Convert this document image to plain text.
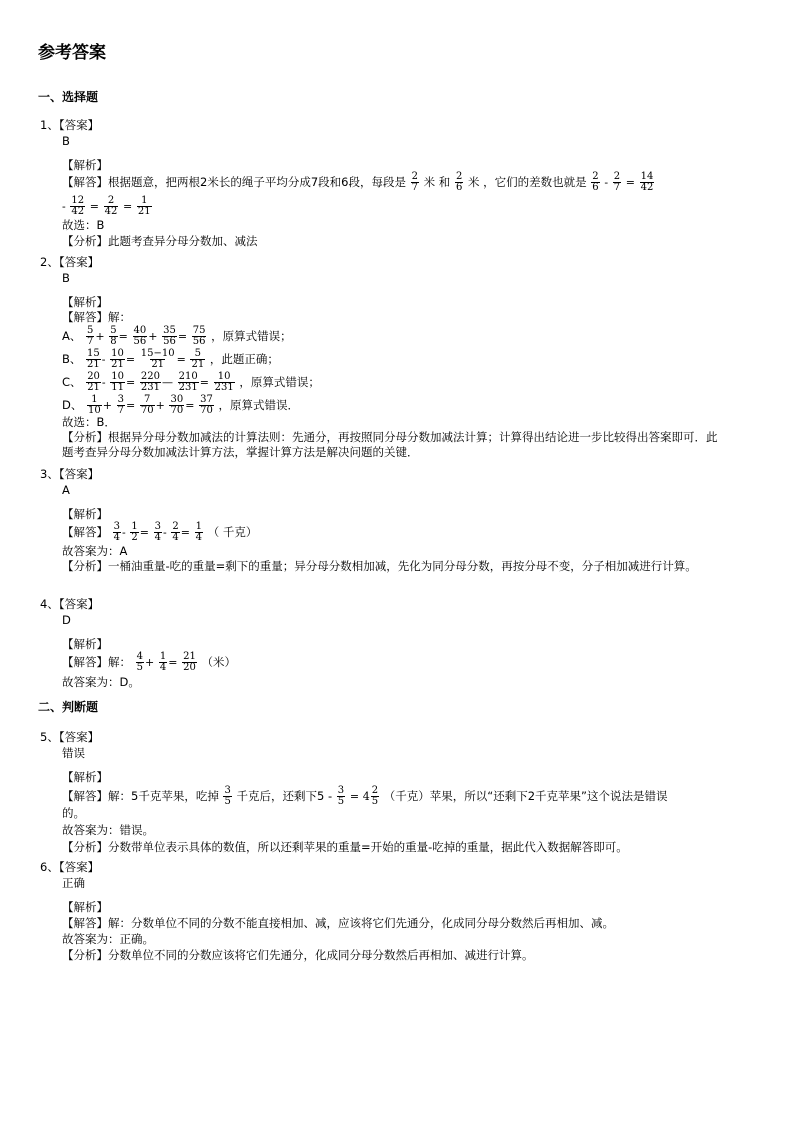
参考答案
一、选择题
1、【答案】
B
【解析】
【解答】根据题意，把两根2米长的绳子平均分成7段和6段，每段是 $\frac{2}{7}$ 米 和 $\frac{2}{6}$ 米 ，它们的差数也就是 $\frac{2}{6} - \frac{2}{7} = \frac{14}{42}$
- $\frac{12}{42} = \frac{2}{42} = \frac{1}{21}$
故选：B
【分析】此题考查异分母分数加、减法
2、【答案】
B
【解析】
【解答】解：
A、 $\frac{5}{7} + \frac{5}{8} = \frac{40}{56} + \frac{35}{56} = \frac{75}{56}$ ，原算式错误；
B、 $\frac{15}{21} - \frac{10}{21} = \frac{15-10}{21} = \frac{5}{21}$ ，此题正确；
C、 $\frac{20}{21} - \frac{10}{11} = \frac{220}{231}$ — $\frac{210}{231} = \frac{10}{231}$ ，原算式错误；
D、 $\frac{1}{10} + \frac{3}{7} = \frac{7}{70} + \frac{30}{70} = \frac{37}{70}$ ，原算式错误．
故选：B．
【分析】根据异分母分数加减法的计算法则：先通分，再按照同分母分数加减法计算；计算得出结论进一步比较得出答案即可．此题考查异分母分数加减法计算方法，掌握计算方法是解决问题的关键．
3、【答案】
A
【解析】
【解答】 $\frac{3}{4} - \frac{1}{2} = \frac{3}{4} - \frac{2}{4} = \frac{1}{4}$ （ 千克）
故答案为：A
【分析】一桶油重量-吃的重量=剩下的重量；异分母分数相加减，先化为同分母分数，再按分母不变，分子相加减进行计算。
4、【答案】
D
【解析】
【解答】解： $\frac{4}{5} + \frac{1}{4} = \frac{21}{20}$ （米）
故答案为：D。
二、判断题
5、【答案】
错误
【解析】
【解答】解：5千克苹果，吃掉 $\frac{3}{5}$ 千克后，还剩下$5 - \frac{3}{5} = 4 \frac{2}{5}$ （千克）苹果，所以“还剩下2千克苹果”这个说法是错误
的。
故答案为：错误。
【分析】分数带单位表示具体的数值，所以还剩苹果的重量=开始的重量-吃掉的重量，据此代入数据解答即可。
6、【答案】
正确
【解析】
【解答】解：分数单位不同的分数不能直接相加、减，应该将它们先通分，化成同分母分数然后再相加、减。
故答案为：正确。
【分析】分数单位不同的分数应该将它们先通分，化成同分母分数然后再相加、减进行计算。
